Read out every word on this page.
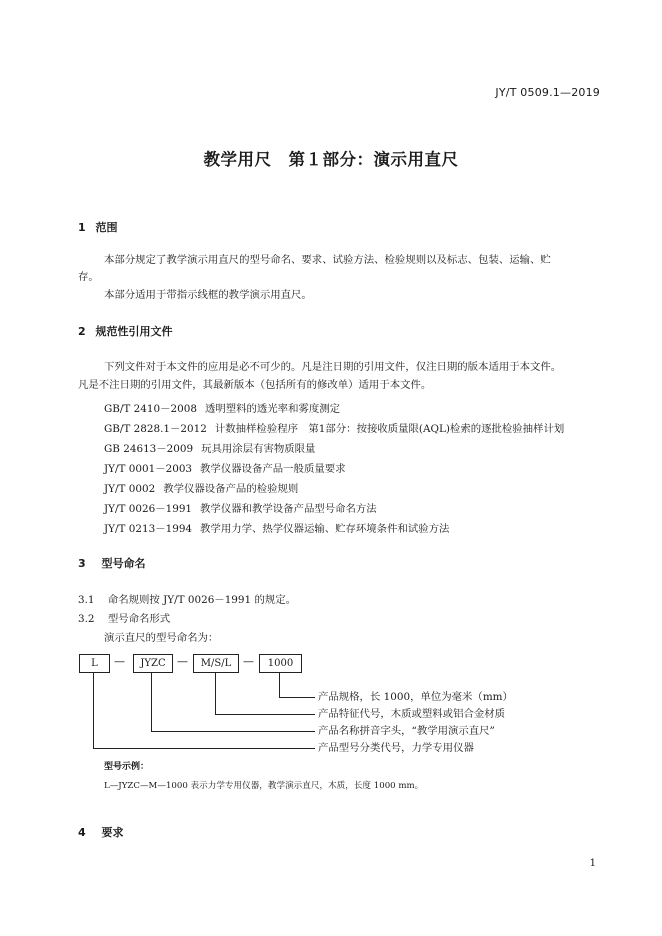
JY/T 0509.1—2019
教学用尺　第１部分：演示用直尺
1 范围
本部分规定了教学演示用直尺的型号命名、要求、试验方法、检验规则以及标志、包装、运输、贮
存。
本部分适用于带指示线框的教学演示用直尺。
2 规范性引用文件
下列文件对于本文件的应用是必不可少的。凡是注日期的引用文件，仅注日期的版本适用于本文件。
凡是不注日期的引用文件，其最新版本（包括所有的修改单）适用于本文件。
GB/T 2410－2008 透明塑料的透光率和雾度测定
GB/T 2828.1－2012 计数抽样检验程序　第1部分：按接收质量限(AQL)检索的逐批检验抽样计划
GB 24613－2009 玩具用涂层有害物质限量
JY/T 0001－2003 教学仪器设备产品一般质量要求
JY/T 0002 教学仪器设备产品的检验规则
JY/T 0026－1991 教学仪器和教学设备产品型号命名方法
JY/T 0213－1994 教学用力学、热学仪器运输、贮存环境条件和试验方法
3 型号命名
3.1 命名规则按 JY/T 0026－1991 的规定。
3.2 型号命名形式
演示直尺的型号命名为：
L	—	JYZC	—	M/S/L	—	1000
产品规格，长 1000，单位为毫米（mm）
产品特征代号，木质或塑料或铝合金材质
产品名称拼音字头，“教学用演示直尺”
产品型号分类代号，力学专用仪器
型号示例：
L—JYZC—M—1000 表示力学专用仪器，教学演示直尺，木质，长度 1000 mm。
4 要求
1
